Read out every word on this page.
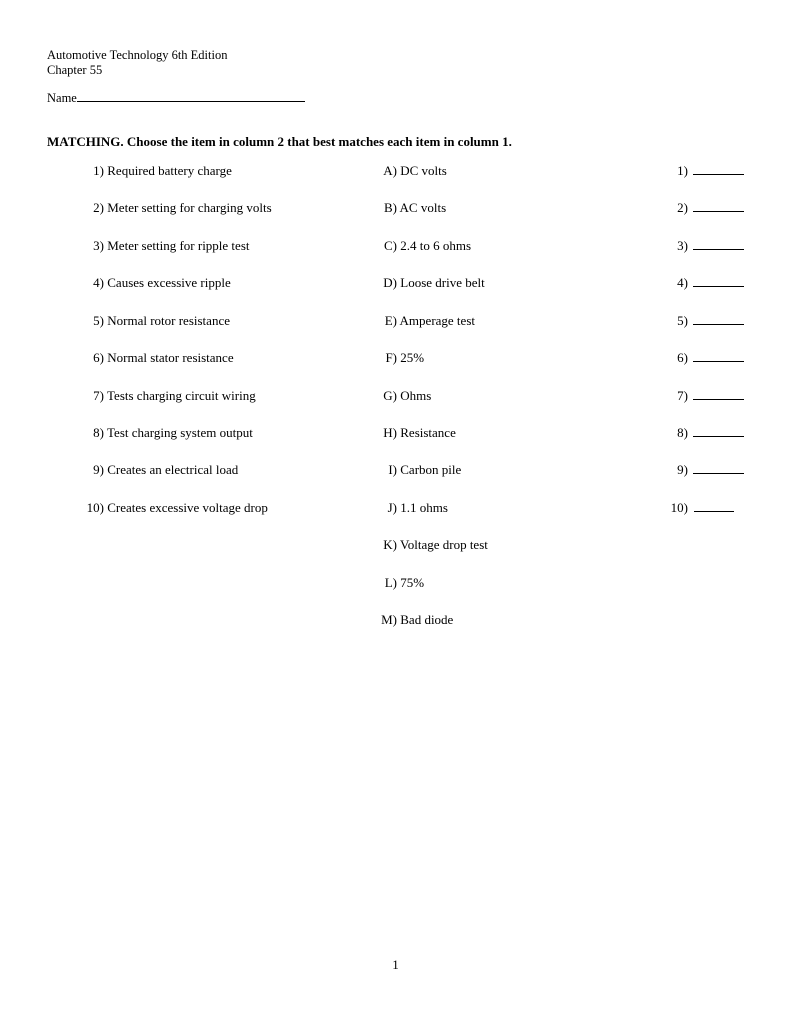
Automotive Technology 6th Edition
Chapter 55
Name
MATCHING. Choose the item in column 2 that best matches each item in column 1.
1) Required battery charge	A) DC volts	1)
2) Meter setting for charging volts	B) AC volts	2)
3) Meter setting for ripple test	C) 2.4 to 6 ohms	3)
4) Causes excessive ripple	D) Loose drive belt	4)
5) Normal rotor resistance	E) Amperage test	5)
6) Normal stator resistance	F) 25%	6)
7) Tests charging circuit wiring	G) Ohms	7)
8) Test charging system output	H) Resistance	8)
9) Creates an electrical load	I) Carbon pile	9)
10) Creates excessive voltage drop	J) 1.1 ohms	10)
K) Voltage drop test
L) 75%
M) Bad diode
1
